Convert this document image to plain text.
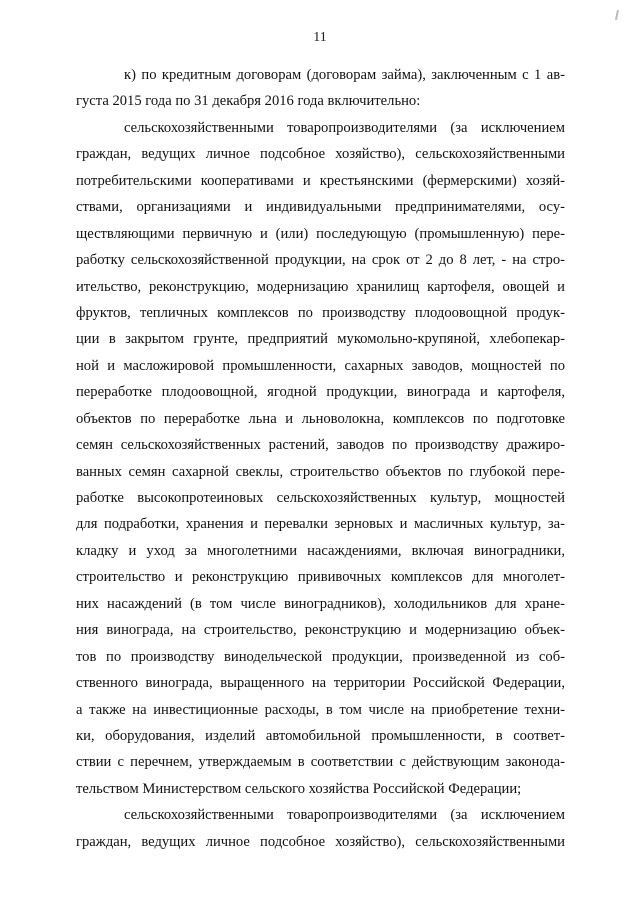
11
к) по кредитным договорам (договорам займа), заключенным с 1 ав-
густа 2015 года по 31 декабря 2016 года включительно:
сельскохозяйственными товаропроизводителями (за исключением
граждан, ведущих личное подсобное хозяйство), сельскохозяйственными
потребительскими кооперативами и крестьянскими (фермерскими) хозяй-
ствами, организациями и индивидуальными предпринимателями, осу-
ществляющими первичную и (или) последующую (промышленную) пере-
работку сельскохозяйственной продукции, на срок от 2 до 8 лет, - на стро-
ительство, реконструкцию, модернизацию хранилищ картофеля, овощей и
фруктов, тепличных комплексов по производству плодоовощной продук-
ции в закрытом грунте, предприятий мукомольно-крупяной, хлебопекар-
ной и масложировой промышленности, сахарных заводов, мощностей по
переработке плодоовощной, ягодной продукции, винограда и картофеля,
объектов по переработке льна и льноволокна, комплексов по подготовке
семян сельскохозяйственных растений, заводов по производству дражиро-
ванных семян сахарной свеклы, строительство объектов по глубокой пере-
работке высокопротеиновых сельскохозяйственных культур, мощностей
для подработки, хранения и перевалки зерновых и масличных культур, за-
кладку и уход за многолетними насаждениями, включая виноградники,
строительство и реконструкцию прививочных комплексов для многолет-
них насаждений (в том числе виноградников), холодильников для хране-
ния винограда, на строительство, реконструкцию и модернизацию объек-
тов по производству винодельческой продукции, произведенной из соб-
ственного винограда, выращенного на территории Российской Федерации,
а также на инвестиционные расходы, в том числе на приобретение техни-
ки, оборудования, изделий автомобильной промышленности, в соответ-
ствии с перечнем, утверждаемым в соответствии с действующим законода-
тельством Министерством сельского хозяйства Российской Федерации;
сельскохозяйственными товаропроизводителями (за исключением
граждан, ведущих личное подсобное хозяйство), сельскохозяйственными
